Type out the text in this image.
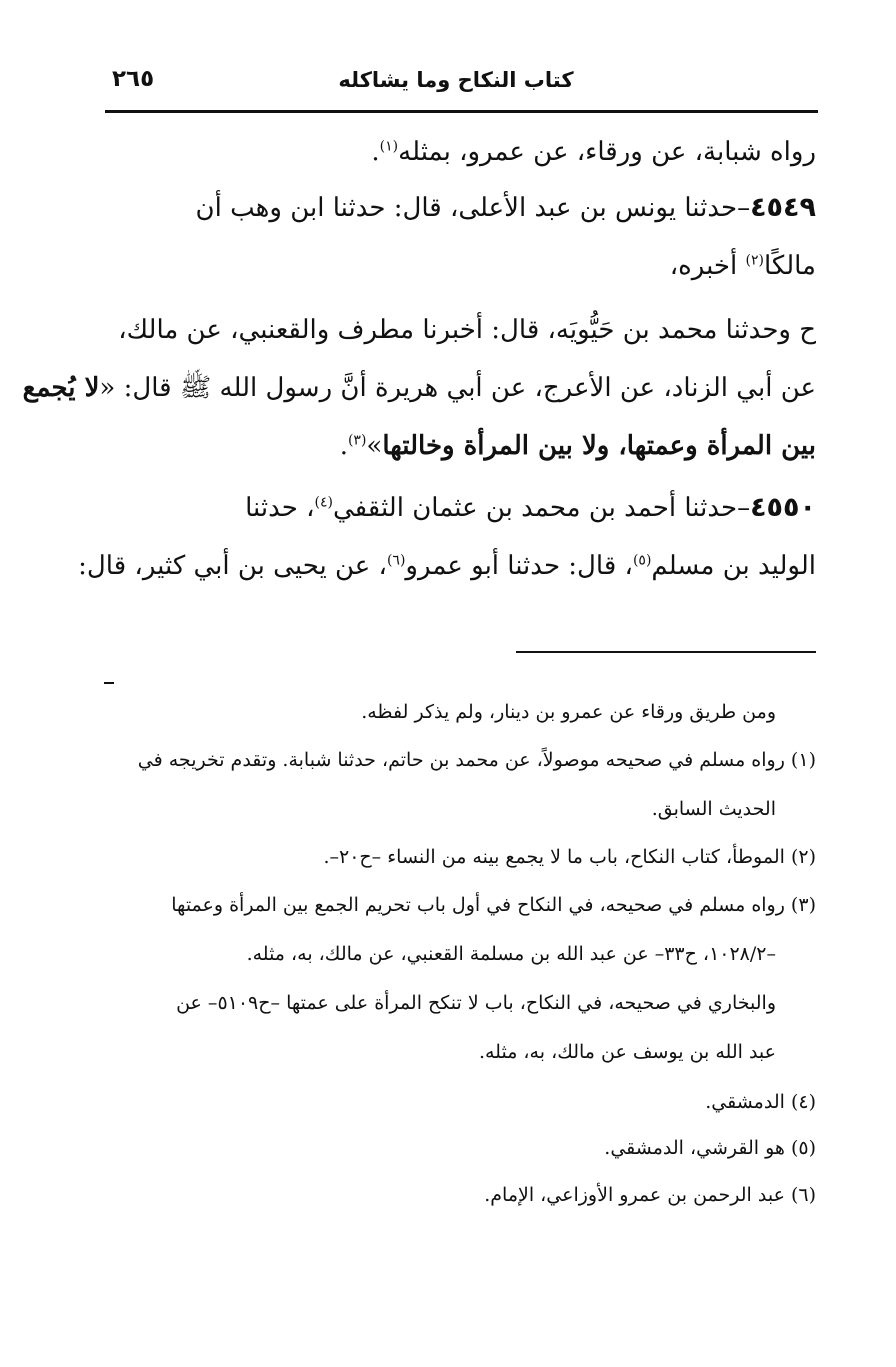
كتاب النكاح وما يشاكله
٢٦٥
رواه شبابة، عن ورقاء، عن عمرو، بمثله$^{(١)}$.
٤٥٤٩–حدثنا يونس بن عبد الأعلى، قال: حدثنا ابن وهب أن
مالكًا$^{(٢)}$ أخبره،
ح وحدثنا محمد بن حَيُّويَه، قال: أخبرنا مطرف والقعنبي، عن مالك،
عن أبي الزناد، عن الأعرج، عن أبي هريرة أنَّ رسول الله ﷺ قال: «لا يُجمع
بين المرأة وعمتها، ولا بين المرأة وخالتها»$^{(٣)}$.
٤٥٥٠–حدثنا أحمد بن محمد بن عثمان الثقفي$^{(٤)}$، حدثنا
الوليد بن مسلم$^{(٥)}$، قال: حدثنا أبو عمرو$^{(٦)}$، عن يحيى بن أبي كثير، قال:
ومن طريق ورقاء عن عمرو بن دينار، ولم يذكر لفظه.
(١) رواه مسلم في صحيحه موصولاً، عن محمد بن حاتم، حدثنا شبابة. وتقدم تخريجه في
الحديث السابق.
(٢) الموطأ، كتاب النكاح، باب ما لا يجمع بينه من النساء –ح٢٠–.
(٣) رواه مسلم في صحيحه، في النكاح في أول باب تحريم الجمع بين المرأة وعمتها
–١٠٢٨/٢، ح٣٣– عن عبد الله بن مسلمة القعنبي، عن مالك، به، مثله.
والبخاري في صحيحه، في النكاح، باب لا تنكح المرأة على عمتها –ح٥١٠٩– عن
عبد الله بن يوسف عن مالك، به، مثله.
(٤) الدمشقي.
(٥) هو القرشي، الدمشقي.
(٦) عبد الرحمن بن عمرو الأوزاعي، الإمام.
